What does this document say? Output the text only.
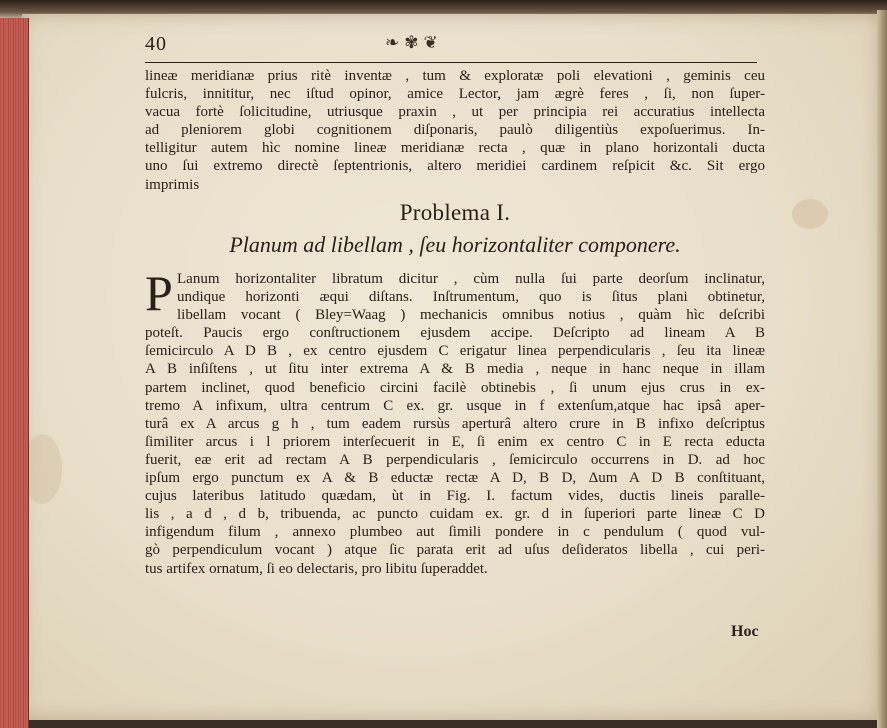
40	❧✾❦
lineæ meridianæ prius ritè inventæ , tum & exploratæ poli elevationi , geminis ceu
fulcris, innititur, nec iſtud opinor, amice Lector, jam ægrè feres , ſi, non ſuper-
vacua fortè ſolicitudine, utriusque praxin , ut per principia rei accuratius intellecta
ad pleniorem globi cognitionem diſponaris, paulò diligentiùs expoſuerimus. In-
telligitur autem hìc nomine lineæ meridianæ recta , quæ in plano horizontali ducta
uno ſui extremo directè ſeptentrionis, altero meridiei cardinem reſpicit &c. Sit ergo
imprimis
Problema I.
Planum ad libellam , ſeu horizontaliter componere.
P Lanum horizontaliter libratum dicitur , cùm nulla ſui parte deorſum inclinatur,
undique horizonti æqui diſtans. Inſtrumentum, quo is ſitus plani obtinetur,
libellam vocant ( Bley=Waag ) mechanicis omnibus notius , quàm hìc deſcribi
poteſt. Paucis ergo conſtructionem ejusdem accipe. Deſcripto ad lineam A B
ſemicirculo A D B , ex centro ejusdem C erigatur linea perpendicularis , ſeu ita lineæ
A B inſiſtens , ut ſitu inter extrema A & B media , neque in hanc neque in illam
partem inclinet, quod beneficio circini facilè obtinebis , ſi unum ejus crus in ex-
tremo A infixum, ultra centrum C ex. gr. usque in f extenſum,atque hac ipsâ aper-
turâ ex A arcus g h , tum eadem rursùs aperturâ altero crure in B infixo deſcriptus
ſimiliter arcus i l priorem interſecuerit in E, ſi enim ex centro C in E recta educta
fuerit, eæ erit ad rectam A B perpendicularis , ſemicirculo occurrens in D. ad hoc
ipſum ergo punctum ex A & B eductæ rectæ A D, B D, Δum A D B conſtituant,
cujus lateribus latitudo quædam, ùt in Fig. I. factum vides, ductis lineis paralle-
lis , a d , d b, tribuenda, ac puncto cuidam ex. gr. d in ſuperiori parte lineæ C D
infigendum filum , annexo plumbeo aut ſimili pondere in c pendulum ( quod vul-
gò perpendiculum vocant ) atque ſic parata erit ad uſus deſideratos libella , cui peri-
tus artifex ornatum, ſi eo delectaris, pro libitu ſuperaddet.
Hoc
